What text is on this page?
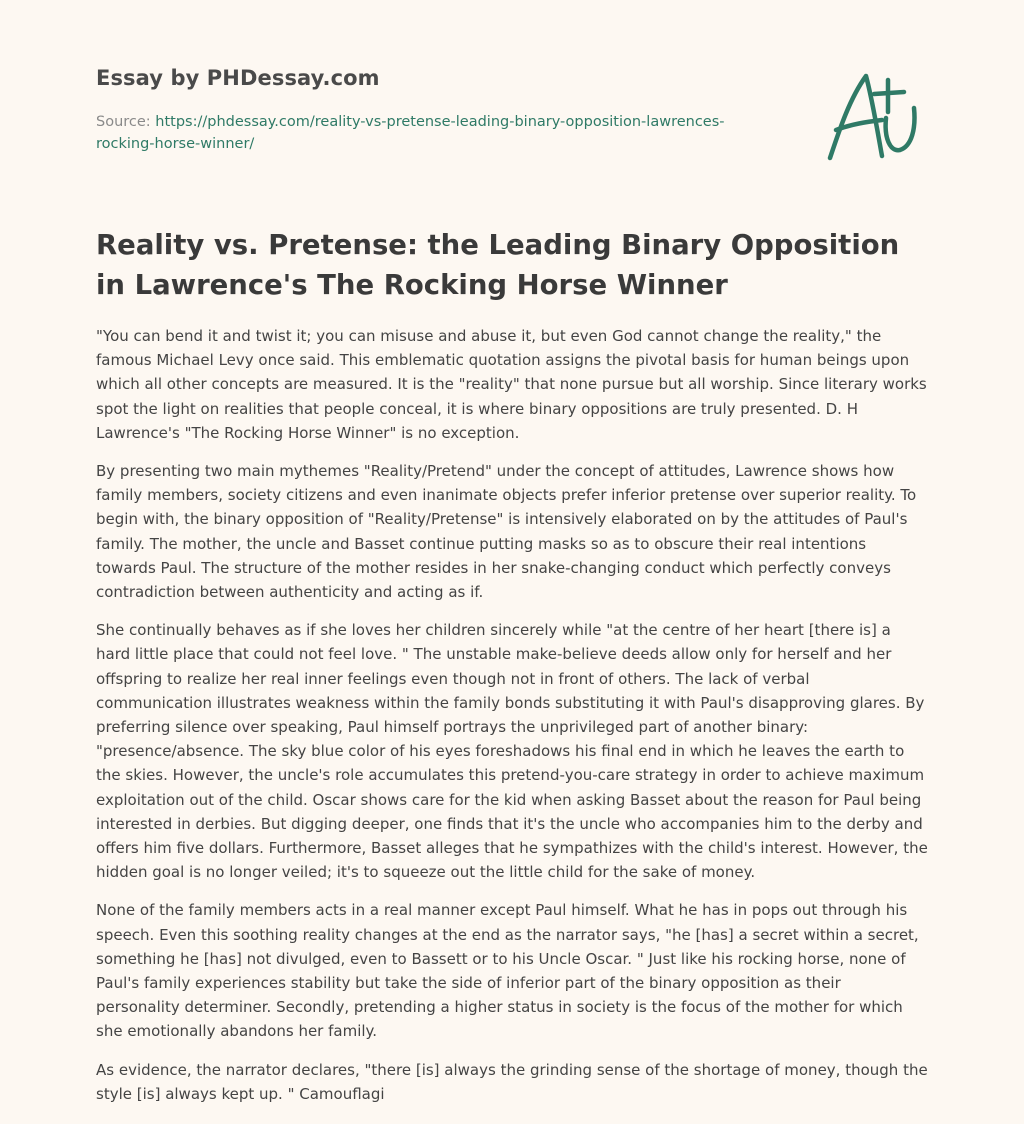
Essay by PHDessay.com
Source: https://phdessay.com/reality-vs-pretense-leading-binary-opposition-lawrences-rocking-horse-winner/
Reality vs. Pretense: the Leading Binary Opposition in Lawrence's The Rocking Horse Winner

"You can bend it and twist it; you can misuse and abuse it, but even God cannot change the reality," the famous Michael Levy once said. This emblematic quotation assigns the pivotal basis for human beings upon which all other concepts are measured. It is the "reality" that none pursue but all worship. Since literary works spot the light on realities that people conceal, it is where binary oppositions are truly presented. D. H Lawrence's "The Rocking Horse Winner" is no exception.

By presenting two main mythemes "Reality/Pretend" under the concept of attitudes, Lawrence shows how family members, society citizens and even inanimate objects prefer inferior pretense over superior reality. To begin with, the binary opposition of "Reality/Pretense" is intensively elaborated on by the attitudes of Paul's family. The mother, the uncle and Basset continue putting masks so as to obscure their real intentions towards Paul. The structure of the mother resides in her snake-changing conduct which perfectly conveys contradiction between authenticity and acting as if.

She continually behaves as if she loves her children sincerely while "at the centre of her heart [there is] a hard little place that could not feel love. " The unstable make-believe deeds allow only for herself and her offspring to realize her real inner feelings even though not in front of others. The lack of verbal communication illustrates weakness within the family bonds substituting it with Paul's disapproving glares. By preferring silence over speaking, Paul himself portrays the unprivileged part of another binary: "presence/absence. The sky blue color of his eyes foreshadows his final end in which he leaves the earth to the skies. However, the uncle's role accumulates this pretend-you-care strategy in order to achieve maximum exploitation out of the child. Oscar shows care for the kid when asking Basset about the reason for Paul being interested in derbies. But digging deeper, one finds that it's the uncle who accompanies him to the derby and offers him five dollars. Furthermore, Basset alleges that he sympathizes with the child's interest. However, the hidden goal is no longer veiled; it's to squeeze out the little child for the sake of money.

None of the family members acts in a real manner except Paul himself. What he has in pops out through his speech. Even this soothing reality changes at the end as the narrator says, "he [has] a secret within a secret, something he [has] not divulged, even to Bassett or to his Uncle Oscar. " Just like his rocking horse, none of Paul's family experiences stability but take the side of inferior part of the binary opposition as their personality determiner. Secondly, pretending a higher status in society is the focus of the mother for which she emotionally abandons her family.

As evidence, the narrator declares, "there [is] always the grinding sense of the shortage of money, though the style [is] always kept up. " Camouflagi
